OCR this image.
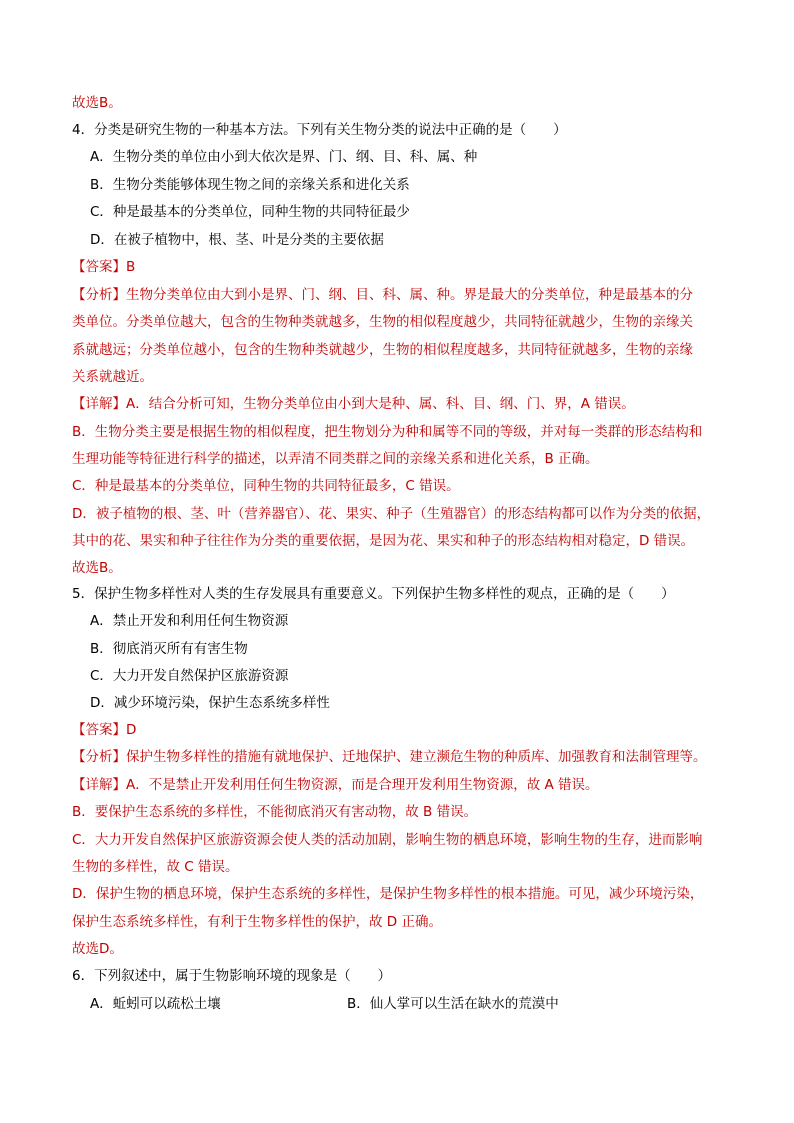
故选B。
4．分类是研究生物的一种基本方法。下列有关生物分类的说法中正确的是（　　）
A．生物分类的单位由小到大依次是界、门、纲、目、科、属、种
B．生物分类能够体现生物之间的亲缘关系和进化关系
C．种是最基本的分类单位，同种生物的共同特征最少
D．在被子植物中，根、茎、叶是分类的主要依据
【答案】B
【分析】生物分类单位由大到小是界、门、纲、目、科、属、种。界是最大的分类单位，种是最基本的分
类单位。分类单位越大，包含的生物种类就越多，生物的相似程度越少，共同特征就越少，生物的亲缘关
系就越远；分类单位越小，包含的生物种类就越少，生物的相似程度越多，共同特征就越多，生物的亲缘
关系就越近。
【详解】A．结合分析可知，生物分类单位由小到大是种、属、科、目、纲、门、界，A 错误。
B．生物分类主要是根据生物的相似程度，把生物划分为种和属等不同的等级，并对每一类群的形态结构和
生理功能等特征进行科学的描述，以弄清不同类群之间的亲缘关系和进化关系，B 正确。
C．种是最基本的分类单位，同种生物的共同特征最多，C 错误。
D．被子植物的根、茎、叶（营养器官）、花、果实、种子（生殖器官）的形态结构都可以作为分类的依据，
其中的花、果实和种子往往作为分类的重要依据，是因为花、果实和种子的形态结构相对稳定，D 错误。
故选B。
5．保护生物多样性对人类的生存发展具有重要意义。下列保护生物多样性的观点，正确的是（　　）
A．禁止开发和利用任何生物资源
B．彻底消灭所有有害生物
C．大力开发自然保护区旅游资源
D．减少环境污染，保护生态系统多样性
【答案】D
【分析】保护生物多样性的措施有就地保护、迁地保护、建立濒危生物的种质库、加强教育和法制管理等。
【详解】A．不是禁止开发利用任何生物资源，而是合理开发利用生物资源，故 A 错误。
B．要保护生态系统的多样性，不能彻底消灭有害动物，故 B 错误。
C．大力开发自然保护区旅游资源会使人类的活动加剧，影响生物的栖息环境，影响生物的生存，进而影响
生物的多样性，故 C 错误。
D．保护生物的栖息环境，保护生态系统的多样性，是保护生物多样性的根本措施。可见，减少环境污染，
保护生态系统多样性，有利于生物多样性的保护，故 D 正确。
故选D。
6．下列叙述中，属于生物影响环境的现象是（　　）
A．蚯蚓可以疏松土壤	B．仙人掌可以生活在缺水的荒漠中
